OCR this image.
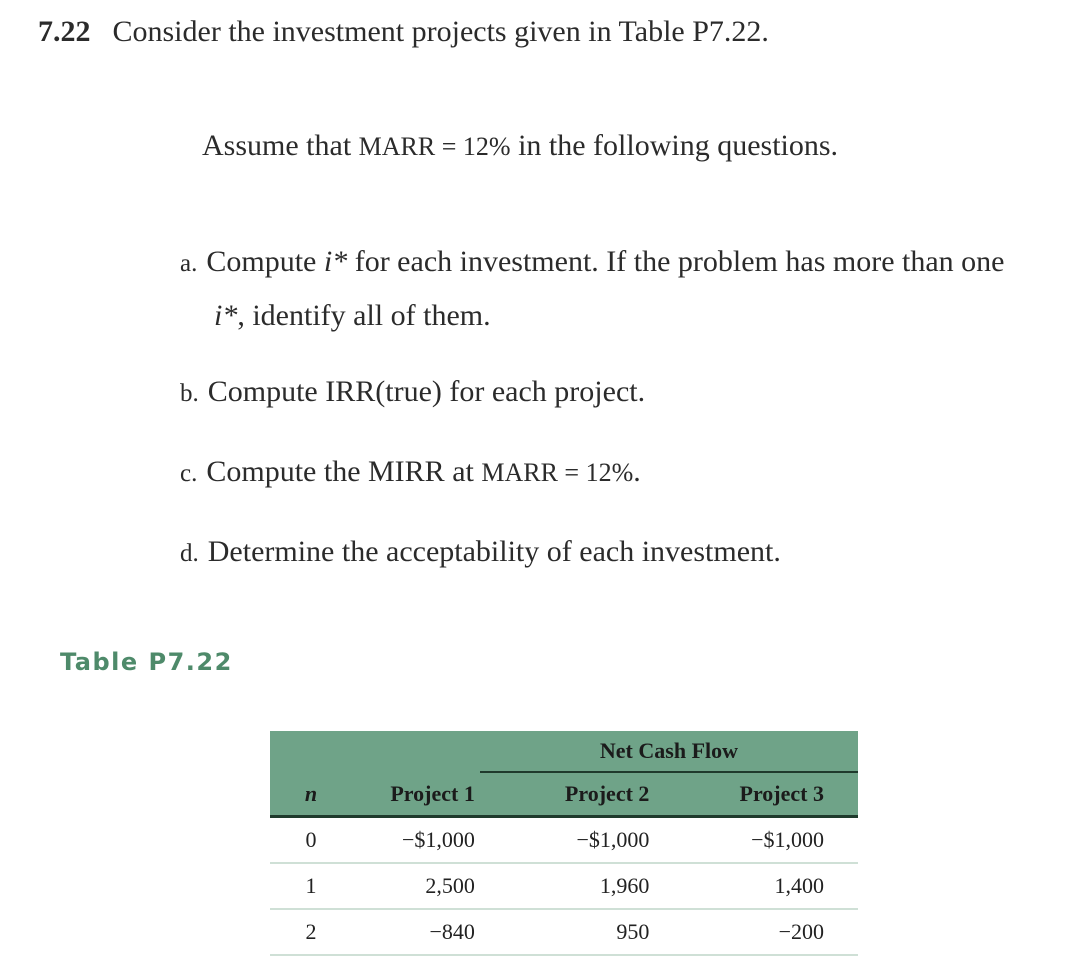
7.22 Consider the investment projects given in Table P7.22.
Assume that MARR = 12% in the following questions.
a. Compute i* for each investment. If the problem has more than one
i*, identify all of them.
b. Compute IRR(true) for each project.
c. Compute the MIRR at MARR = 12%.
d. Determine the acceptability of each investment.
Table P7.22

	Net Cash Flow		

n	Project 1	Project 2	Project 3
0	−$1,000	−$1,000	−$1,000
1	2,500	1,960	1,400
2	−840	950	−200
